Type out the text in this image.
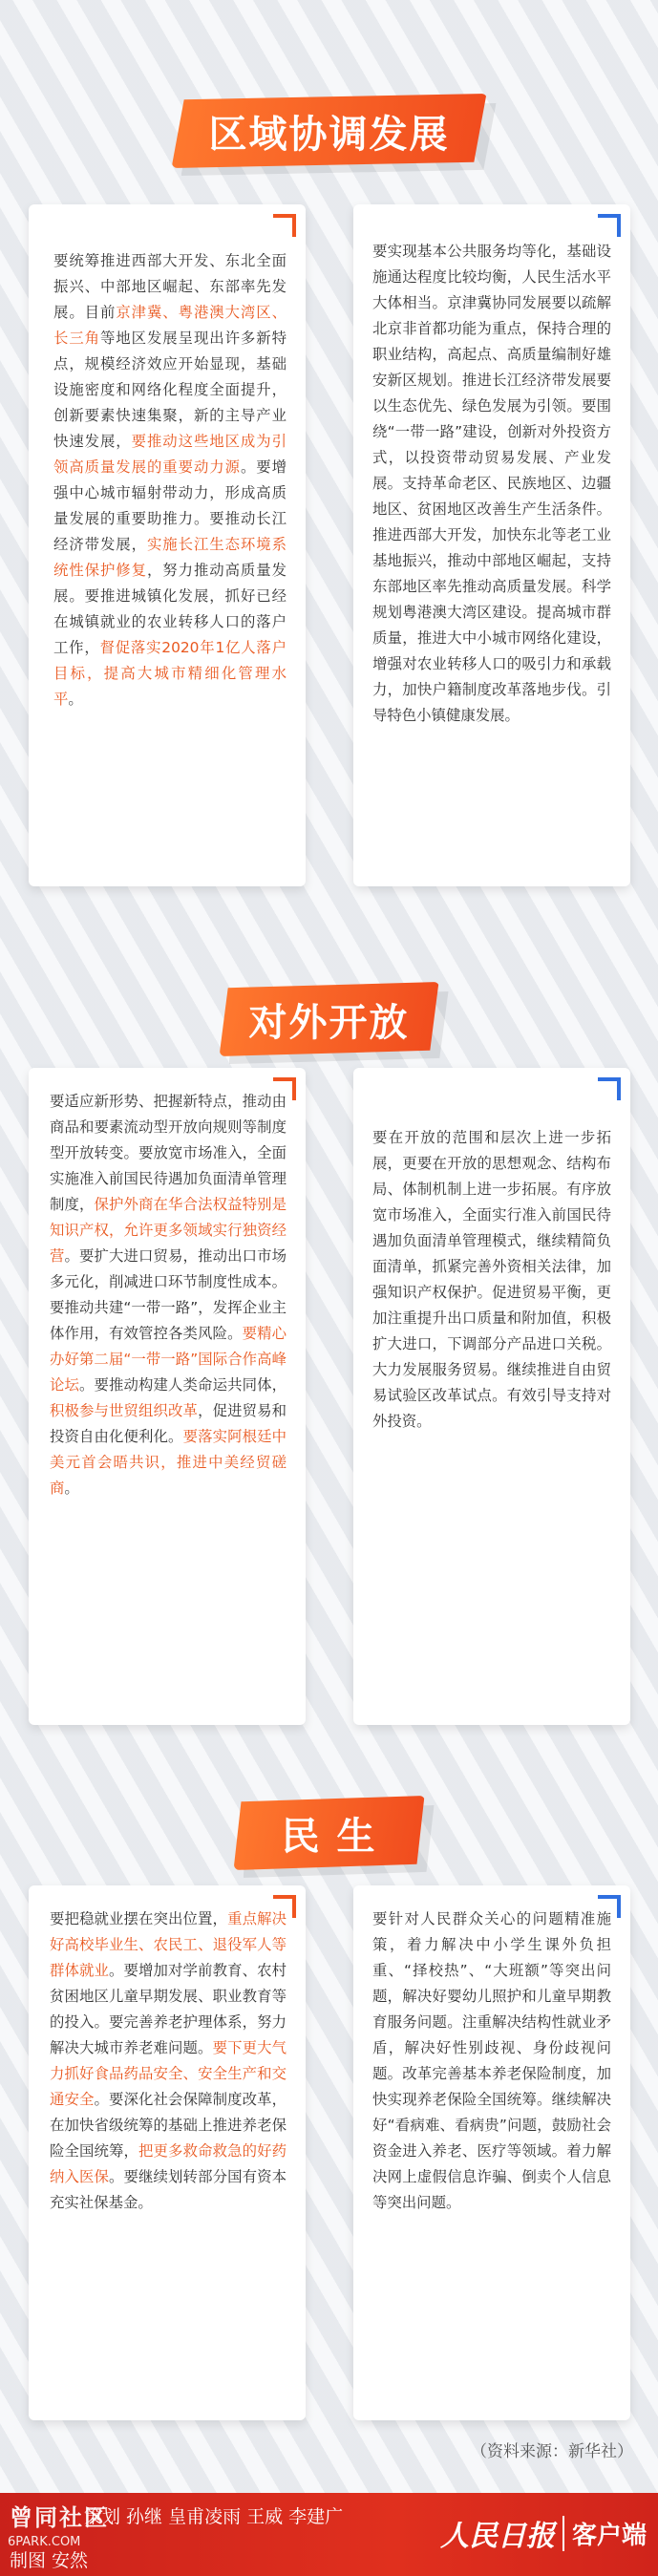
区域协调发展

要统筹推进西部大开发、东北全面振兴、中部地区崛起、东部率先发展。目前京津冀、粤港澳大湾区、长三角等地区发展呈现出许多新特点，规模经济效应开始显现，基础设施密度和网络化程度全面提升，创新要素快速集聚，新的主导产业快速发展，要推动这些地区成为引领高质量发展的重要动力源。要增强中心城市辐射带动力，形成高质量发展的重要助推力。要推动长江经济带发展，实施长江生态环境系统性保护修复，努力推动高质量发展。要推进城镇化发展，抓好已经在城镇就业的农业转移人口的落户工作，督促落实2020年1亿人落户目标，提高大城市精细化管理水平。

要实现基本公共服务均等化，基础设施通达程度比较均衡，人民生活水平大体相当。京津冀协同发展要以疏解北京非首都功能为重点，保持合理的职业结构，高起点、高质量编制好雄安新区规划。推进长江经济带发展要以生态优先、绿色发展为引领。要围绕“一带一路”建设，创新对外投资方式，以投资带动贸易发展、产业发展。支持革命老区、民族地区、边疆地区、贫困地区改善生产生活条件。推进西部大开发，加快东北等老工业基地振兴，推动中部地区崛起，支持东部地区率先推动高质量发展。科学规划粤港澳大湾区建设。提高城市群质量，推进大中小城市网络化建设，增强对农业转移人口的吸引力和承载力，加快户籍制度改革落地步伐。引导特色小镇健康发展。

对外开放

要适应新形势、把握新特点，推动由商品和要素流动型开放向规则等制度型开放转变。要放宽市场准入，全面实施准入前国民待遇加负面清单管理制度，保护外商在华合法权益特别是知识产权，允许更多领域实行独资经营。要扩大进口贸易，推动出口市场多元化，削减进口环节制度性成本。要推动共建“一带一路”，发挥企业主体作用，有效管控各类风险。要精心办好第二届“一带一路”国际合作高峰论坛。要推动构建人类命运共同体，积极参与世贸组织改革，促进贸易和投资自由化便利化。要落实阿根廷中美元首会晤共识，推进中美经贸磋商。

要在开放的范围和层次上进一步拓展，更要在开放的思想观念、结构布局、体制机制上进一步拓展。有序放宽市场准入，全面实行准入前国民待遇加负面清单管理模式，继续精简负面清单，抓紧完善外资相关法律，加强知识产权保护。促进贸易平衡，更加注重提升出口质量和附加值，积极扩大进口，下调部分产品进口关税。大力发展服务贸易。继续推进自由贸易试验区改革试点。有效引导支持对外投资。

民 生

要把稳就业摆在突出位置，重点解决好高校毕业生、农民工、退役军人等群体就业。要增加对学前教育、农村贫困地区儿童早期发展、职业教育等的投入。要完善养老护理体系，努力解决大城市养老难问题。要下更大气力抓好食品药品安全、安全生产和交通安全。要深化社会保障制度改革，在加快省级统筹的基础上推进养老保险全国统筹，把更多救命救急的好药纳入医保。要继续划转部分国有资本充实社保基金。

要针对人民群众关心的问题精准施策，着力解决中小学生课外负担重、“择校热”、“大班额”等突出问题，解决好婴幼儿照护和儿童早期教育服务问题。注重解决结构性就业矛盾，解决好性别歧视、身份歧视问题。改革完善基本养老保险制度，加快实现养老保险全国统筹。继续解决好“看病难、看病贵”问题，鼓励社会资金进入养老、医疗等领域。着力解决网上虚假信息诈骗、倒卖个人信息等突出问题。

（资料来源：新华社）
曾同社区
6PARK.COM
策划 孙继 皇甫凌雨 王威 李建广
制图 安然
人民日报 客户端
